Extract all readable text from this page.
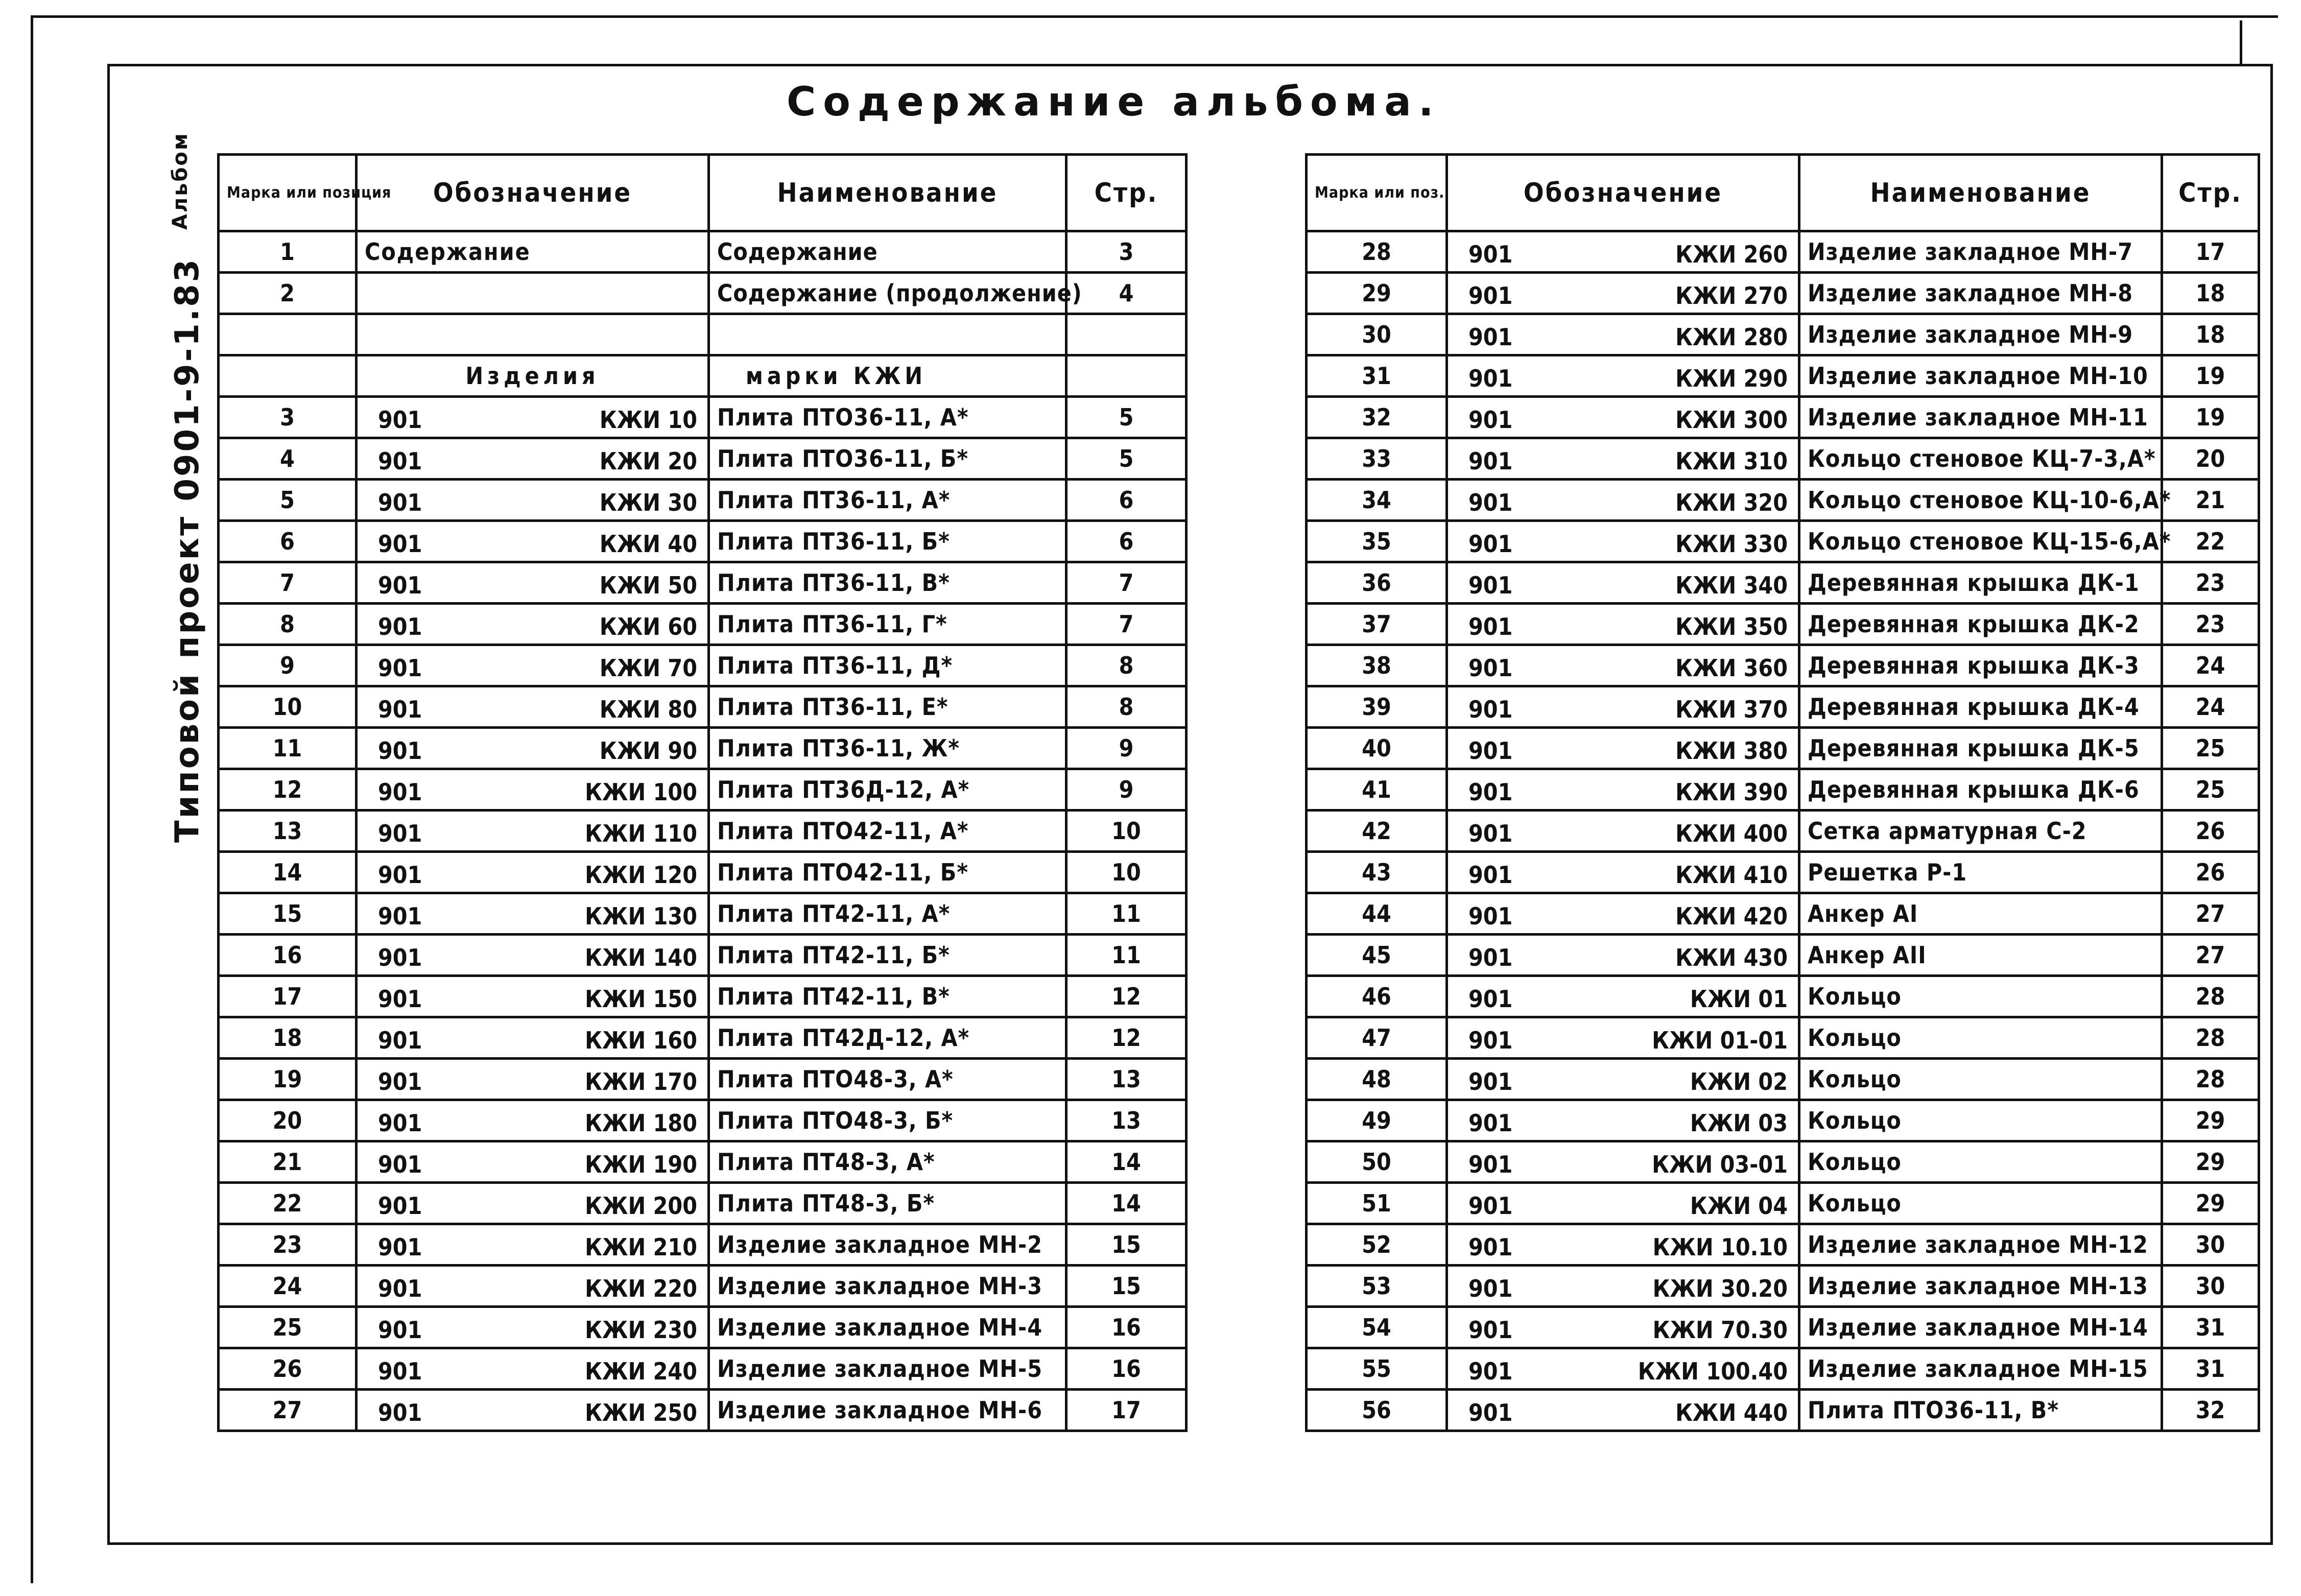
Содержание альбома.
Альбом
Типовой проект 0901-9-1.83
Марка или позиция	Обозначение	Наименование	Стр.
1	Содержание	Содержание	3
2		Содержание (продолжение)	4

	Изделия	марки КЖИ	
3	901 КЖИ 10	Плита ПТО36-11, А*	5
4	901 КЖИ 20	Плита ПТО36-11, Б*	5
5	901 КЖИ 30	Плита ПТ36-11, А*	6
6	901 КЖИ 40	Плита ПТ36-11, Б*	6
7	901 КЖИ 50	Плита ПТ36-11, В*	7
8	901 КЖИ 60	Плита ПТ36-11, Г*	7
9	901 КЖИ 70	Плита ПТ36-11, Д*	8
10	901 КЖИ 80	Плита ПТ36-11, Е*	8
11	901 КЖИ 90	Плита ПТ36-11, Ж*	9
12	901 КЖИ 100	Плита ПТ36Д-12, А*	9
13	901 КЖИ 110	Плита ПТО42-11, А*	10
14	901 КЖИ 120	Плита ПТО42-11, Б*	10
15	901 КЖИ 130	Плита ПТ42-11, А*	11
16	901 КЖИ 140	Плита ПТ42-11, Б*	11
17	901 КЖИ 150	Плита ПТ42-11, В*	12
18	901 КЖИ 160	Плита ПТ42Д-12, А*	12
19	901 КЖИ 170	Плита ПТО48-3, А*	13
20	901 КЖИ 180	Плита ПТО48-3, Б*	13
21	901 КЖИ 190	Плита ПТ48-3, А*	14
22	901 КЖИ 200	Плита ПТ48-3, Б*	14
23	901 КЖИ 210	Изделие закладное МН-2	15
24	901 КЖИ 220	Изделие закладное МН-3	15
25	901 КЖИ 230	Изделие закладное МН-4	16
26	901 КЖИ 240	Изделие закладное МН-5	16
27	901 КЖИ 250	Изделие закладное МН-6	17
Марка или поз.	Обозначение	Наименование	Стр.
28	901 КЖИ 260	Изделие закладное МН-7	17
29	901 КЖИ 270	Изделие закладное МН-8	18
30	901 КЖИ 280	Изделие закладное МН-9	18
31	901 КЖИ 290	Изделие закладное МН-10	19
32	901 КЖИ 300	Изделие закладное МН-11	19
33	901 КЖИ 310	Кольцо стеновое КЦ-7-3,А*	20
34	901 КЖИ 320	Кольцо стеновое КЦ-10-6,А*	21
35	901 КЖИ 330	Кольцо стеновое КЦ-15-6,А*	22
36	901 КЖИ 340	Деревянная крышка ДК-1	23
37	901 КЖИ 350	Деревянная крышка ДК-2	23
38	901 КЖИ 360	Деревянная крышка ДК-3	24
39	901 КЖИ 370	Деревянная крышка ДК-4	24
40	901 КЖИ 380	Деревянная крышка ДК-5	25
41	901 КЖИ 390	Деревянная крышка ДК-6	25
42	901 КЖИ 400	Сетка арматурная С-2	26
43	901 КЖИ 410	Решетка Р-1	26
44	901 КЖИ 420	Анкер АI	27
45	901 КЖИ 430	Анкер АII	27
46	901 КЖИ 01	Кольцо	28
47	901 КЖИ 01-01	Кольцо	28
48	901 КЖИ 02	Кольцо	28
49	901 КЖИ 03	Кольцо	29
50	901 КЖИ 03-01	Кольцо	29
51	901 КЖИ 04	Кольцо	29
52	901 КЖИ 10.10	Изделие закладное МН-12	30
53	901 КЖИ 30.20	Изделие закладное МН-13	30
54	901 КЖИ 70.30	Изделие закладное МН-14	31
55	901 КЖИ 100.40	Изделие закладное МН-15	31
56	901 КЖИ 440	Плита ПТО36-11, В*	32
